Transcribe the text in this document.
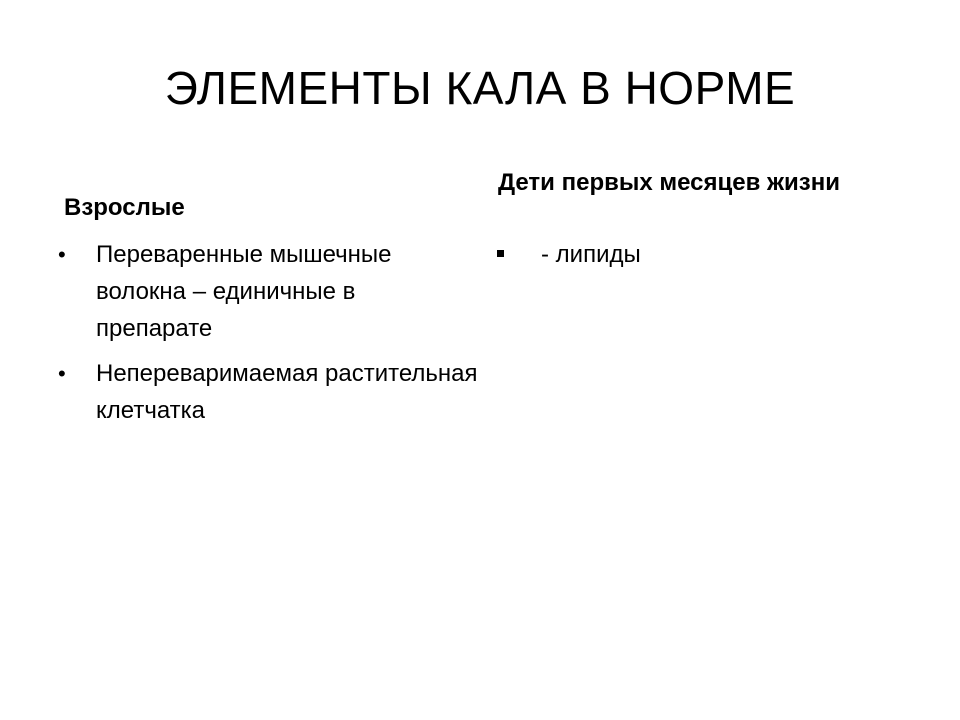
ЭЛЕМЕНТЫ КАЛА В НОРМЕ
Взрослые
•	Переваренные мышечные волокна – единичные в препарате
•	Непереваримаемая растительная клетчатка
Дети первых месяцев жизни
- липиды
